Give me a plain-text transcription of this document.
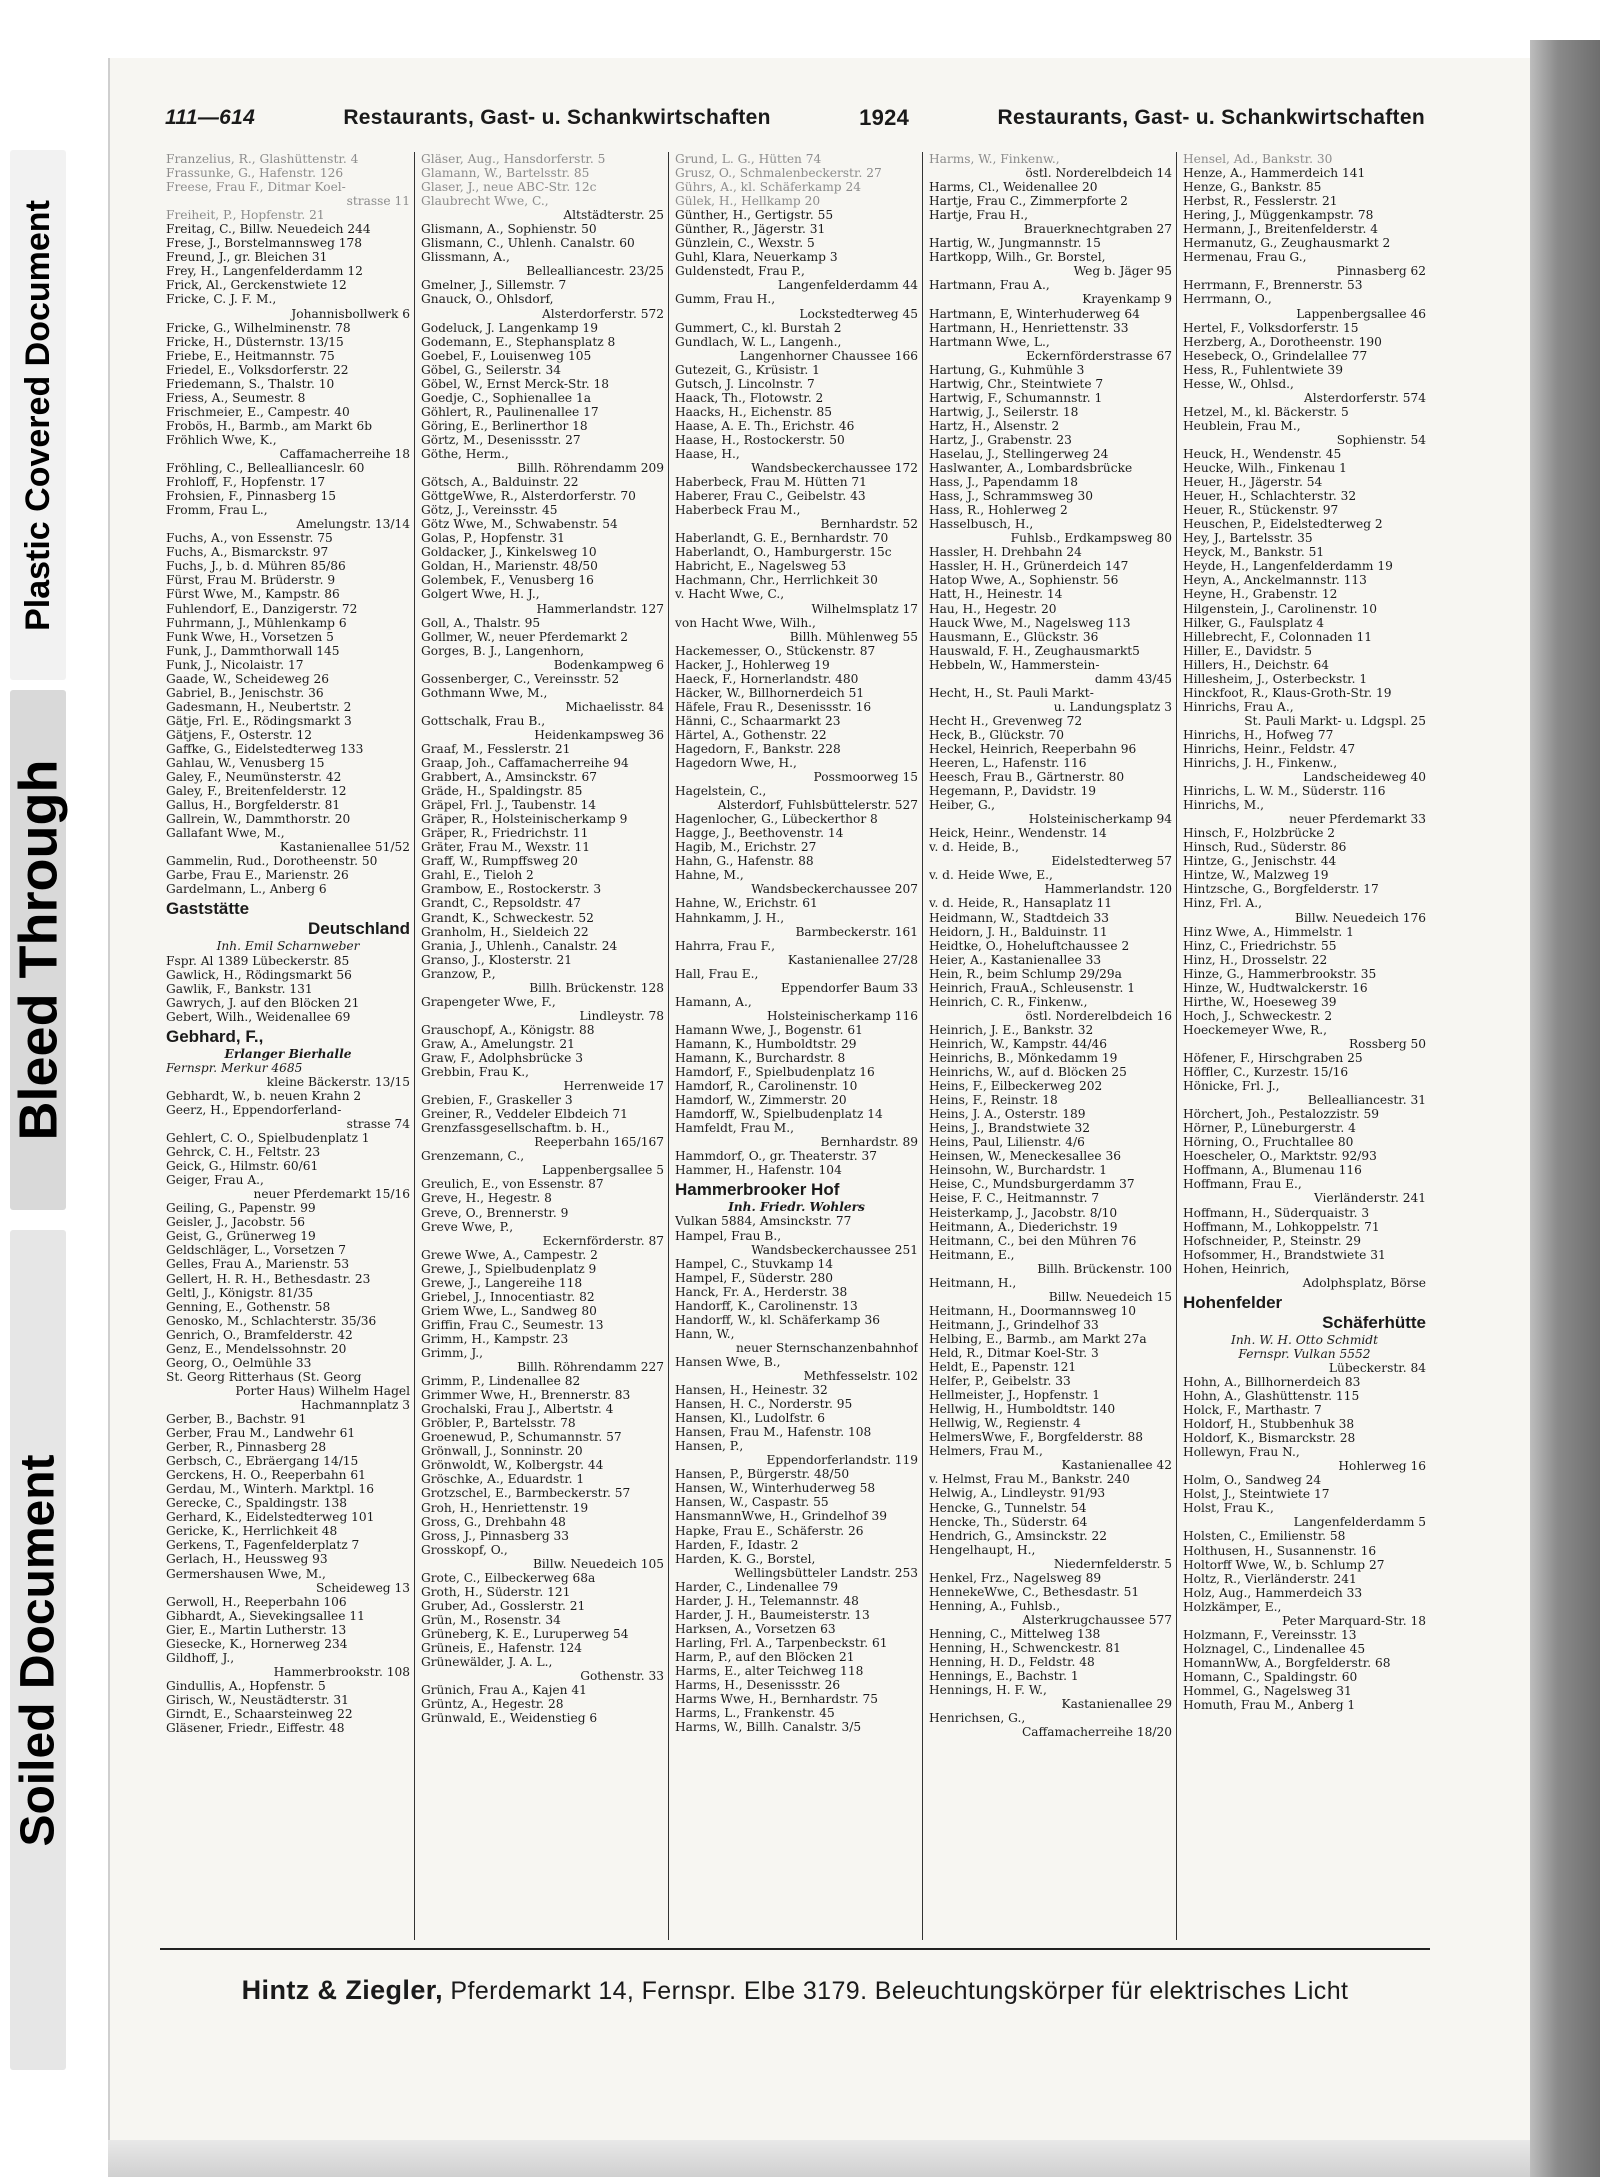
Plastic Covered Document
Bleed Through
Soiled Document
111—614	Restaurants, Gast- u. Schankwirtschaften	1924	Restaurants, Gast- u. Schankwirtschaften
Franzelius, R., Glashüttenstr. 4
Frassunke, G., Hafenstr. 126
Freese, Frau F., Ditmar Koel-
strasse 11
Freiheit, P., Hopfenstr. 21
Freitag, C., Billw. Neuedeich 244
Frese, J., Borstelmannsweg 178
Freund, J., gr. Bleichen 31
Frey, H., Langenfelderdamm 12
Frick, Al., Gerckenstwiete 12
Fricke, C. J. F. M.,
Johannisbollwerk 6
Fricke, G., Wilhelminenstr. 78
Fricke, H., Düsternstr. 13/15
Friebe, E., Heitmannstr. 75
Friedel, E., Volksdorferstr. 22
Friedemann, S., Thalstr. 10
Friess, A., Seumestr. 8
Frischmeier, E., Campestr. 40
Frobös, H., Barmb., am Markt 6b
Fröhlich Wwe, K.,
Caffamacherreihe 18
Fröhling, C., Belleallianceslr. 60
Frohloff, F., Hopfenstr. 17
Frohsien, F., Pinnasberg 15
Fromm, Frau L.,
Amelungstr. 13/14
Fuchs, A., von Essenstr. 75
Fuchs, A., Bismarckstr. 97
Fuchs, J., b. d. Mühren 85/86
Fürst, Frau M. Brüderstr. 9
Fürst Wwe, M., Kampstr. 86
Fuhlendorf, E., Danzigerstr. 72
Fuhrmann, J., Mühlenkamp 6
Funk Wwe, H., Vorsetzen 5
Funk, J., Dammthorwall 145
Funk, J., Nicolaistr. 17
Gaade, W., Scheideweg 26
Gabriel, B., Jenischstr. 36
Gadesmann, H., Neubertstr. 2
Gätje, Frl. E., Rödingsmarkt 3
Gätjens, F., Osterstr. 12
Gaffke, G., Eidelstedterweg 133
Gahlau, W., Venusberg 15
Galey, F., Neumünsterstr. 42
Galey, F., Breitenfelderstr. 12
Gallus, H., Borgfelderstr. 81
Gallrein, W., Dammthorstr. 20
Gallafant Wwe, M.,
Kastanienallee 51/52
Gammelin, Rud., Dorotheenstr. 50
Garbe, Frau E., Marienstr. 26
Gardelmann, L., Anberg 6
Gaststätte
Deutschland
Inh. Emil Scharnweber
Fspr. Al 1389 Lübeckerstr. 85
Gawlick, H., Rödingsmarkt 56
Gawlik, F., Bankstr. 131
Gawrych, J. auf den Blöcken 21
Gebert, Wilh., Weidenallee 69
Gebhard, F.,
Erlanger Bierhalle
Fernspr. Merkur 4685
kleine Bäckerstr. 13/15
Gebhardt, W., b. neuen Krahn 2
Geerz, H., Eppendorferland-
strasse 74
Gehlert, C. O., Spielbudenplatz 1
Gehrck, C. H., Feltstr. 23
Geick, G., Hilmstr. 60/61
Geiger, Frau A.,
neuer Pferdemarkt 15/16
Geiling, G., Papenstr. 99
Geisler, J., Jacobstr. 56
Geist, G., Grünerweg 19
Geldschläger, L., Vorsetzen 7
Gelles, Frau A., Marienstr. 53
Gellert, H. R. H., Bethesdastr. 23
Geltl, J., Königstr. 81/35
Genning, E., Gothenstr. 58
Genosko, M., Schlachterstr. 35/36
Genrich, O., Bramfelderstr. 42
Genz, E., Mendelssohnstr. 20
Georg, O., Oelmühle 33
St. Georg Ritterhaus (St. Georg
Porter Haus) Wilhelm Hagel
Hachmannplatz 3
Gerber, B., Bachstr. 91
Gerber, Frau M., Landwehr 61
Gerber, R., Pinnasberg 28
Gerbsch, C., Ebräergang 14/15
Gerckens, H. O., Reeperbahn 61
Gerdau, M., Winterh. Marktpl. 16
Gerecke, C., Spaldingstr. 138
Gerhard, K., Eidelstedterweg 101
Gericke, K., Herrlichkeit 48
Gerkens, T., Fagenfelderplatz 7
Gerlach, H., Heussweg 93
Germershausen Wwe, M.,
Scheideweg 13
Gerwoll, H., Reeperbahn 106
Gibhardt, A., Sievekingsallee 11
Gier, E., Martin Lutherstr. 13
Giesecke, K., Hornerweg 234
Gildhoff, J.,
Hammerbrookstr. 108
Gindullis, A., Hopfenstr. 5
Girisch, W., Neustädterstr. 31
Girndt, E., Schaarsteinweg 22
Gläsener, Friedr., Eiffestr. 48
Gläser, Aug., Hansdorferstr. 5
Glamann, W., Bartelsstr. 85
Glaser, J., neue ABC-Str. 12c
Glaubrecht Wwe, C.,
Altstädterstr. 25
Glismann, A., Sophienstr. 50
Glismann, C., Uhlenh. Canalstr. 60
Glissmann, A.,
Bellealliancestr. 23/25
Gmelner, J., Sillemstr. 7
Gnauck, O., Ohlsdorf,
Alsterdorferstr. 572
Godeluck, J. Langenkamp 19
Godemann, E., Stephansplatz 8
Goebel, F., Louisenweg 105
Göbel, G., Seilerstr. 34
Göbel, W., Ernst Merck-Str. 18
Goedje, C., Sophienallee 1a
Göhlert, R., Paulinenallee 17
Göring, E., Berlinerthor 18
Görtz, M., Desenissstr. 27
Göthe, Herm.,
Billh. Röhrendamm 209
Götsch, A., Balduinstr. 22
GöttgeWwe, R., Alsterdorferstr. 70
Götz, J., Vereinsstr. 45
Götz Wwe, M., Schwabenstr. 54
Golas, P., Hopfenstr. 31
Goldacker, J., Kinkelsweg 10
Goldan, H., Marienstr. 48/50
Golembek, F., Venusberg 16
Golgert Wwe, H. J.,
Hammerlandstr. 127
Goll, A., Thalstr. 95
Gollmer, W., neuer Pferdemarkt 2
Gorges, B. J., Langenhorn,
Bodenkampweg 6
Gossenberger, C., Vereinsstr. 52
Gothmann Wwe, M.,
Michaelisstr. 84
Gottschalk, Frau B.,
Heidenkampsweg 36
Graaf, M., Fesslerstr. 21
Graap, Joh., Caffamacherreihe 94
Grabbert, A., Amsinckstr. 67
Gräde, H., Spaldingstr. 85
Gräpel, Frl. J., Taubenstr. 14
Gräper, R., Holsteinischerkamp 9
Gräper, R., Friedrichstr. 11
Gräter, Frau M., Wexstr. 11
Graff, W., Rumpffsweg 20
Grahl, E., Tieloh 2
Grambow, E., Rostockerstr. 3
Grandt, C., Repsoldstr. 47
Grandt, K., Schweckestr. 52
Granholm, H., Sieldeich 22
Grania, J., Uhlenh., Canalstr. 24
Granso, J., Klosterstr. 21
Granzow, P.,
Billh. Brückenstr. 128
Grapengeter Wwe, F.,
Lindleystr. 78
Grauschopf, A., Königstr. 88
Graw, A., Amelungstr. 21
Graw, F., Adolphsbrücke 3
Grebbin, Frau K.,
Herrenweide 17
Grebien, F., Graskeller 3
Greiner, R., Veddeler Elbdeich 71
Grenzfassgesellschaftm. b. H.,
Reeperbahn 165/167
Grenzemann, C.,
Lappenbergsallee 5
Greulich, E., von Essenstr. 87
Greve, H., Hegestr. 8
Greve, O., Brennerstr. 9
Greve Wwe, P.,
Eckernförderstr. 87
Grewe Wwe, A., Campestr. 2
Grewe, J., Spielbudenplatz 9
Grewe, J., Langereihe 118
Griebel, J., Innocentiastr. 82
Griem Wwe, L., Sandweg 80
Griffin, Frau C., Seumestr. 13
Grimm, H., Kampstr. 23
Grimm, J.,
Billh. Röhrendamm 227
Grimm, P., Lindenallee 82
Grimmer Wwe, H., Brennerstr. 83
Grochalski, Frau J., Albertstr. 4
Gröbler, P., Bartelsstr. 78
Groenewud, P., Schumannstr. 57
Grönwall, J., Sonninstr. 20
Grönwoldt, W., Kolbergstr. 44
Gröschke, A., Eduardstr. 1
Grotzschel, E., Barmbeckerstr. 57
Groh, H., Henriettenstr. 19
Gross, G., Drehbahn 48
Gross, J., Pinnasberg 33
Grosskopf, O.,
Billw. Neuedeich 105
Grote, C., Eilbeckerweg 68a
Groth, H., Süderstr. 121
Gruber, Ad., Gosslerstr. 21
Grün, M., Rosenstr. 34
Grüneberg, K. E., Luruperweg 54
Grüneis, E., Hafenstr. 124
Grünewälder, J. A. L.,
Gothenstr. 33
Grünich, Frau A., Kajen 41
Grüntz, A., Hegestr. 28
Grünwald, E., Weidenstieg 6
Grund, L. G., Hütten 74
Grusz, O., Schmalenbeckerstr. 27
Gührs, A., kl. Schäferkamp 24
Gülek, H., Hellkamp 20
Günther, H., Gertigstr. 55
Günther, R., Jägerstr. 31
Günzlein, C., Wexstr. 5
Guhl, Klara, Neuerkamp 3
Guldenstedt, Frau P.,
Langenfelderdamm 44
Gumm, Frau H.,
Lockstedterweg 45
Gummert, C., kl. Burstah 2
Gundlach, W. L., Langenh.,
Langenhorner Chaussee 166
Gutezeit, G., Krüsistr. 1
Gutsch, J. Lincolnstr. 7
Haack, Th., Flotowstr. 2
Haacks, H., Eichenstr. 85
Haase, A. E. Th., Erichstr. 46
Haase, H., Rostockerstr. 50
Haase, H.,
Wandsbeckerchaussee 172
Haberbeck, Frau M. Hütten 71
Haberer, Frau C., Geibelstr. 43
Haberbeck Frau M.,
Bernhardstr. 52
Haberlandt, G. E., Bernhardstr. 70
Haberlandt, O., Hamburgerstr. 15c
Habricht, E., Nagelsweg 53
Hachmann, Chr., Herrlichkeit 30
v. Hacht Wwe, C.,
Wilhelmsplatz 17
von Hacht Wwe, Wilh.,
Billh. Mühlenweg 55
Hackemesser, O., Stückenstr. 87
Hacker, J., Hohlerweg 19
Haeck, F., Hornerlandstr. 480
Häcker, W., Billhornerdeich 51
Häfele, Frau R., Desenissstr. 16
Hänni, C., Schaarmarkt 23
Härtel, A., Gothenstr. 22
Hagedorn, F., Bankstr. 228
Hagedorn Wwe, H.,
Possmoorweg 15
Hagelstein, C.,
Alsterdorf, Fuhlsbüttelerstr. 527
Hagenlocher, G., Lübeckerthor 8
Hagge, J., Beethovenstr. 14
Hagib, M., Erichstr. 27
Hahn, G., Hafenstr. 88
Hahne, M.,
Wandsbeckerchaussee 207
Hahne, W., Erichstr. 61
Hahnkamm, J. H.,
Barmbeckerstr. 161
Hahrra, Frau F.,
Kastanienallee 27/28
Hall, Frau E.,
Eppendorfer Baum 33
Hamann, A.,
Holsteinischerkamp 116
Hamann Wwe, J., Bogenstr. 61
Hamann, K., Humboldtstr. 29
Hamann, K., Burchardstr. 8
Hamdorf, F., Spielbudenplatz 16
Hamdorf, R., Carolinenstr. 10
Hamdorf, W., Zimmerstr. 20
Hamdorff, W., Spielbudenplatz 14
Hamfeldt, Frau M.,
Bernhardstr. 89
Hammdorf, O., gr. Theaterstr. 37
Hammer, H., Hafenstr. 104
Hammerbrooker Hof
Inh. Friedr. Wohlers
Vulkan 5884, Amsinckstr. 77
Hampel, Frau B.,
Wandsbeckerchaussee 251
Hampel, C., Stuvkamp 14
Hampel, F., Süderstr. 280
Hanck, Fr. A., Herderstr. 38
Handorff, K., Carolinenstr. 13
Handorff, W., kl. Schäferkamp 36
Hann, W.,
neuer Sternschanzenbahnhof
Hansen Wwe, B.,
Methfesselstr. 102
Hansen, H., Heinestr. 32
Hansen, H. C., Norderstr. 95
Hansen, Kl., Ludolfstr. 6
Hansen, Frau M., Hafenstr. 108
Hansen, P.,
Eppendorferlandstr. 119
Hansen, P., Bürgerstr. 48/50
Hansen, W., Winterhuderweg 58
Hansen, W., Caspastr. 55
HansmannWwe, H., Grindelhof 39
Hapke, Frau E., Schäferstr. 26
Harden, F., Idastr. 2
Harden, K. G., Borstel,
Wellingsbütteler Landstr. 253
Harder, C., Lindenallee 79
Harder, J. H., Telemannstr. 48
Harder, J. H., Baumeisterstr. 13
Harksen, A., Vorsetzen 63
Harling, Frl. A., Tarpenbeckstr. 61
Harm, P., auf den Blöcken 21
Harms, E., alter Teichweg 118
Harms, H., Desenissstr. 26
Harms Wwe, H., Bernhardstr. 75
Harms, L., Frankenstr. 45
Harms, W., Billh. Canalstr. 3/5
Harms, W., Finkenw.,
östl. Norderelbdeich 14
Harms, Cl., Weidenallee 20
Hartje, Frau C., Zimmerpforte 2
Hartje, Frau H.,
Brauerknechtgraben 27
Hartig, W., Jungmannstr. 15
Hartkopp, Wilh., Gr. Borstel,
Weg b. Jäger 95
Hartmann, Frau A.,
Krayenkamp 9
Hartmann, E, Winterhuderweg 64
Hartmann, H., Henriettenstr. 33
Hartmann Wwe, L.,
Eckernförderstrasse 67
Hartung, G., Kuhmühle 3
Hartwig, Chr., Steintwiete 7
Hartwig, F., Schumannstr. 1
Hartwig, J., Seilerstr. 18
Hartz, H., Alsenstr. 2
Hartz, J., Grabenstr. 23
Haselau, J., Stellingerweg 24
Haslwanter, A., Lombardsbrücke
Hass, J., Papendamm 18
Hass, J., Schrammsweg 30
Hass, R., Hohlerweg 2
Hasselbusch, H.,
Fuhlsb., Erdkampsweg 80
Hassler, H. Drehbahn 24
Hassler, H. H., Grünerdeich 147
Hatop Wwe, A., Sophienstr. 56
Hatt, H., Heinestr. 14
Hau, H., Hegestr. 20
Hauck Wwe, M., Nagelsweg 113
Hausmann, E., Glückstr. 36
Hauswald, F. H., Zeughausmarkt5
Hebbeln, W., Hammerstein-
damm 43/45
Hecht, H., St. Pauli Markt-
u. Landungsplatz 3
Hecht H., Grevenweg 72
Heck, B., Glückstr. 70
Heckel, Heinrich, Reeperbahn 96
Heeren, L., Hafenstr. 116
Heesch, Frau B., Gärtnerstr. 80
Hegemann, P., Davidstr. 19
Heiber, G.,
Holsteinischerkamp 94
Heick, Heinr., Wendenstr. 14
v. d. Heide, B.,
Eidelstedterweg 57
v. d. Heide Wwe, E.,
Hammerlandstr. 120
v. d. Heide, R., Hansaplatz 11
Heidmann, W., Stadtdeich 33
Heidorn, J. H., Balduinstr. 11
Heidtke, O., Hoheluftchaussee 2
Heier, A., Kastanienallee 33
Hein, R., beim Schlump 29/29a
Heinrich, FrauA., Schleusenstr. 1
Heinrich, C. R., Finkenw.,
östl. Norderelbdeich 16
Heinrich, J. E., Bankstr. 32
Heinrich, W., Kampstr. 44/46
Heinrichs, B., Mönkedamm 19
Heinrichs, W., auf d. Blöcken 25
Heins, F., Eilbeckerweg 202
Heins, F., Reinstr. 18
Heins, J. A., Osterstr. 189
Heins, J., Brandstwiete 32
Heins, Paul, Lilienstr. 4/6
Heinsen, W., Meneckesallee 36
Heinsohn, W., Burchardstr. 1
Heise, C., Mundsburgerdamm 37
Heise, F. C., Heitmannstr. 7
Heisterkamp, J., Jacobstr. 8/10
Heitmann, A., Diederichstr. 19
Heitmann, C., bei den Mühren 76
Heitmann, E.,
Billh. Brückenstr. 100
Heitmann, H.,
Billw. Neuedeich 15
Heitmann, H., Doormannsweg 10
Heitmann, J., Grindelhof 33
Helbing, E., Barmb., am Markt 27a
Held, R., Ditmar Koel-Str. 3
Heldt, E., Papenstr. 121
Helfer, P., Geibelstr. 33
Hellmeister, J., Hopfenstr. 1
Hellwig, H., Humboldtstr. 140
Hellwig, W., Regienstr. 4
HelmersWwe, F., Borgfelderstr. 88
Helmers, Frau M.,
Kastanienallee 42
v. Helmst, Frau M., Bankstr. 240
Helwig, A., Lindleystr. 91/93
Hencke, G., Tunnelstr. 54
Hencke, Th., Süderstr. 64
Hendrich, G., Amsinckstr. 22
Hengelhaupt, H.,
Niedernfelderstr. 5
Henkel, Frz., Nagelsweg 89
HennekeWwe, C., Bethesdastr. 51
Henning, A., Fuhlsb.,
Alsterkrugchaussee 577
Henning, C., Mittelweg 138
Henning, H., Schwenckestr. 81
Henning, H. D., Feldstr. 48
Hennings, E., Bachstr. 1
Hennings, H. F. W.,
Kastanienallee 29
Henrichsen, G.,
Caffamacherreihe 18/20
Hensel, Ad., Bankstr. 30
Henze, A., Hammerdeich 141
Henze, G., Bankstr. 85
Herbst, R., Fesslerstr. 21
Hering, J., Müggenkampstr. 78
Hermann, J., Breitenfelderstr. 4
Hermanutz, G., Zeughausmarkt 2
Hermenau, Frau G.,
Pinnasberg 62
Herrmann, F., Brennerstr. 53
Herrmann, O.,
Lappenbergsallee 46
Hertel, F., Volksdorferstr. 15
Herzberg, A., Dorotheenstr. 190
Hesebeck, O., Grindelallee 77
Hess, R., Fuhlentwiete 39
Hesse, W., Ohlsd.,
Alsterdorferstr. 574
Hetzel, M., kl. Bäckerstr. 5
Heublein, Frau M.,
Sophienstr. 54
Heuck, H., Wendenstr. 45
Heucke, Wilh., Finkenau 1
Heuer, H., Jägerstr. 54
Heuer, H., Schlachterstr. 32
Heuer, R., Stückenstr. 97
Heuschen, P., Eidelstedterweg 2
Hey, J., Bartelsstr. 35
Heyck, M., Bankstr. 51
Heyde, H., Langenfelderdamm 19
Heyn, A., Anckelmannstr. 113
Heyne, H., Grabenstr. 12
Hilgenstein, J., Carolinenstr. 10
Hilker, G., Faulsplatz 4
Hillebrecht, F., Colonnaden 11
Hiller, E., Davidstr. 5
Hillers, H., Deichstr. 64
Hillesheim, J., Osterbeckstr. 1
Hinckfoot, R., Klaus-Groth-Str. 19
Hinrichs, Frau A.,
St. Pauli Markt- u. Ldgspl. 25
Hinrichs, H., Hofweg 77
Hinrichs, Heinr., Feldstr. 47
Hinrichs, J. H., Finkenw.,
Landscheideweg 40
Hinrichs, L. W. M., Süderstr. 116
Hinrichs, M.,
neuer Pferdemarkt 33
Hinsch, F., Holzbrücke 2
Hinsch, Rud., Süderstr. 86
Hintze, G., Jenischstr. 44
Hintze, W., Malzweg 19
Hintzsche, G., Borgfelderstr. 17
Hinz, Frl. A.,
Billw. Neuedeich 176
Hinz Wwe, A., Himmelstr. 1
Hinz, C., Friedrichstr. 55
Hinz, H., Drosselstr. 22
Hinze, G., Hammerbrookstr. 35
Hinze, W., Hudtwalckerstr. 16
Hirthe, W., Hoeseweg 39
Hoch, J., Schweckestr. 2
Hoeckemeyer Wwe, R.,
Rossberg 50
Höfener, F., Hirschgraben 25
Höffler, C., Kurzestr. 15/16
Hönicke, Frl. J.,
Bellealliancestr. 31
Hörchert, Joh., Pestalozzistr. 59
Hörner, P., Lüneburgerstr. 4
Hörning, O., Fruchtallee 80
Hoescheler, O., Marktstr. 92/93
Hoffmann, A., Blumenau 116
Hoffmann, Frau E.,
Vierländerstr. 241
Hoffmann, H., Süderquaistr. 3
Hoffmann, M., Lohkoppelstr. 71
Hofschneider, P., Steinstr. 29
Hofsommer, H., Brandstwiete 31
Hohen, Heinrich,
Adolphsplatz, Börse
Hohenfelder
Schäferhütte
Inh. W. H. Otto Schmidt
Fernspr. Vulkan 5552
Lübeckerstr. 84
Hohn, A., Billhornerdeich 83
Hohn, A., Glashüttenstr. 115
Holck, F., Marthastr. 7
Holdorf, H., Stubbenhuk 38
Holdorf, K., Bismarckstr. 28
Hollewyn, Frau N.,
Hohlerweg 16
Holm, O., Sandweg 24
Holst, J., Steintwiete 17
Holst, Frau K.,
Langenfelderdamm 5
Holsten, C., Emilienstr. 58
Holthusen, H., Susannenstr. 16
Holtorff Wwe, W., b. Schlump 27
Holtz, R., Vierländerstr. 241
Holz, Aug., Hammerdeich 33
Holzkämper, E.,
Peter Marquard-Str. 18
Holzmann, F., Vereinsstr. 13
Holznagel, C., Lindenallee 45
HomannWw, A., Borgfelderstr. 68
Homann, C., Spaldingstr. 60
Hommel, G., Nagelsweg 31
Homuth, Frau M., Anberg 1
Hintz & Ziegler, Pferdemarkt 14, Fernspr. Elbe 3179. Beleuchtungskörper für elektrisches Licht
